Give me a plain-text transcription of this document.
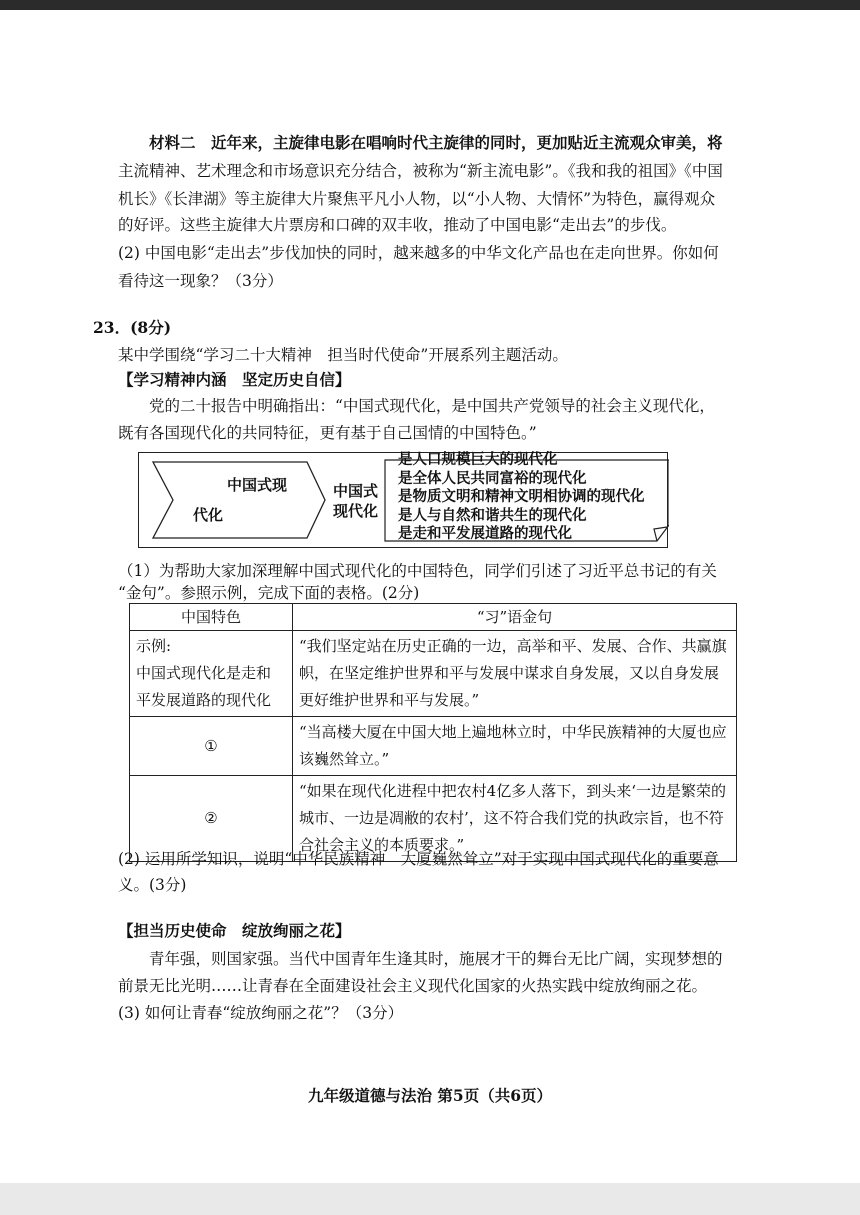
材料二　近年来，主旋律电影在唱响时代主旋律的同时，更加贴近主流观众审美，将

主流精神、艺术理念和市场意识充分结合，被称为“新主流电影”。《我和我的祖国》《中国

机长》《长津湖》等主旋律大片聚焦平凡小人物，以“小人物、大情怀”为特色，赢得观众

的好评。这些主旋律大片票房和口碑的双丰收，推动了中国电影“走出去”的步伐。

(2) 中国电影“走出去”步伐加快的同时，越来越多的中华文化产品也在走向世界。你如何

看待这一现象？（3分）

23．(8分)

某中学围绕“学习二十大精神　担当时代使命”开展系列主题活动。

【学习精神内涵　坚定历史自信】

党的二十报告中明确指出：“中国式现代化，是中国共产党领导的社会主义现代化，

既有各国现代化的共同特征，更有基于自己国情的中国特色。”

中国式现
代化
中国式
现代化
是人口规模巨大的现代化
是全体人民共同富裕的现代化
是物质文明和精神文明相协调的现代化
是人与自然和谐共生的现代化
是走和平发展道路的现代化

（1）为帮助大家加深理解中国式现代化的中国特色，同学们引述了习近平总书记的有关

“金句”。参照示例，完成下面的表格。(2分)

中国特色	“习”语金句

示例:
中国式现代化是走和
平发展道路的现代化	“我们坚定站在历史正确的一边，高举和平、发展、合作、共赢旗帜，在坚定维护世界和平与发展中谋求自身发展，又以自身发展更好维护世界和平与发展。”
①	“当高楼大厦在中国大地上遍地林立时，中华民族精神的大厦也应该巍然耸立。”
②	“如果在现代化进程中把农村4亿多人落下，到头来‘一边是繁荣的城市、一边是凋敝的农村’，这不符合我们党的执政宗旨，也不符合社会主义的本质要求。”

(2) 运用所学知识，说明“中华民族精神　大厦巍然耸立”对于实现中国式现代化的重要意

义。(3分)

【担当历史使命　绽放绚丽之花】

青年强，则国家强。当代中国青年生逢其时，施展才干的舞台无比广阔，实现梦想的

前景无比光明……让青春在全面建设社会主义现代化国家的火热实践中绽放绚丽之花。

(3) 如何让青春“绽放绚丽之花”？（3分）

九年级道德与法治 第5页（共6页）
